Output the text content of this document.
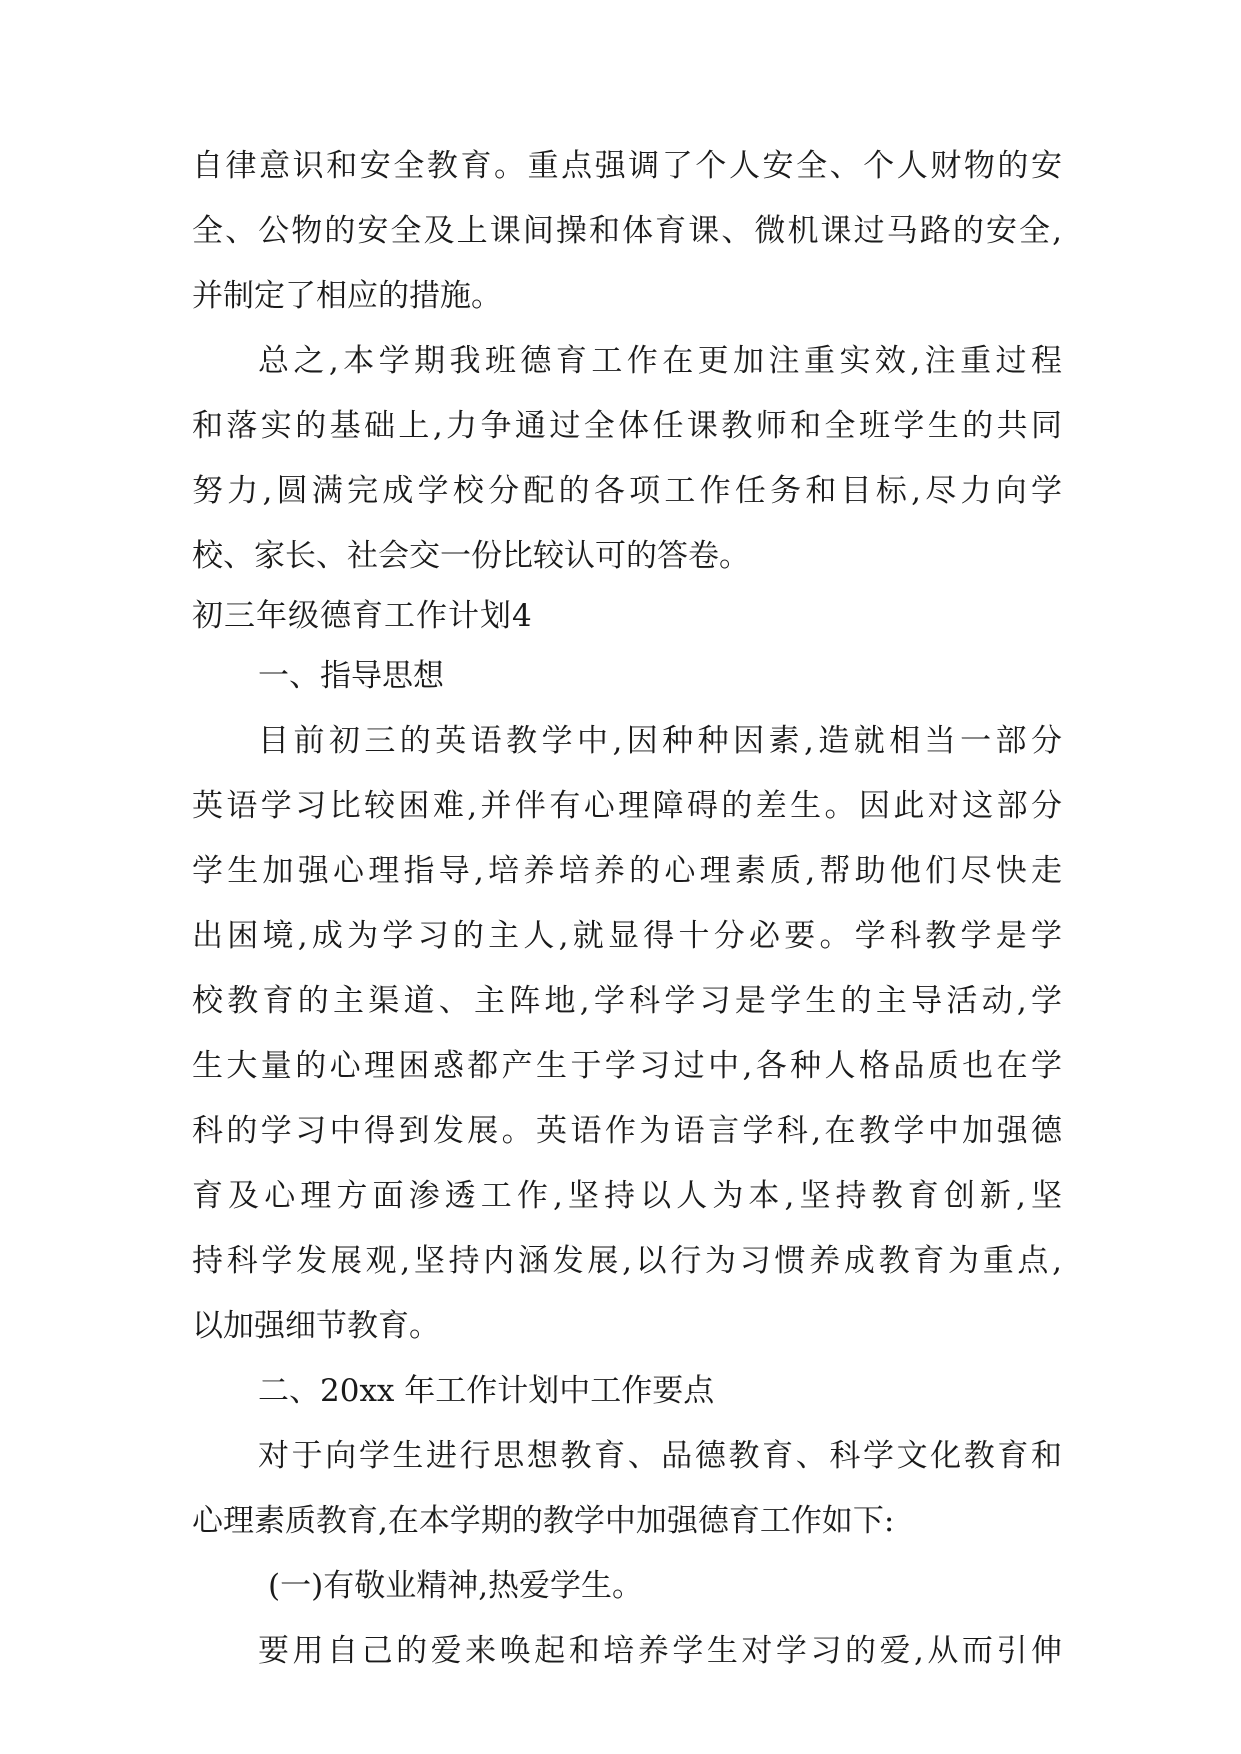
自律意识和安全教育。重点强调了个人安全、个人财物的安
全、公物的安全及上课间操和体育课、微机课过马路的安全,
并制定了相应的措施。
总之,本学期我班德育工作在更加注重实效,注重过程
和落实的基础上,力争通过全体任课教师和全班学生的共同
努力,圆满完成学校分配的各项工作任务和目标,尽力向学
校、家长、社会交一份比较认可的答卷。
初三年级德育工作计划4
一、指导思想
目前初三的英语教学中,因种种因素,造就相当一部分
英语学习比较困难,并伴有心理障碍的差生。因此对这部分
学生加强心理指导,培养培养的心理素质,帮助他们尽快走
出困境,成为学习的主人,就显得十分必要。学科教学是学
校教育的主渠道、主阵地,学科学习是学生的主导活动,学
生大量的心理困惑都产生于学习过中,各种人格品质也在学
科的学习中得到发展。英语作为语言学科,在教学中加强德
育及心理方面渗透工作,坚持以人为本,坚持教育创新,坚
持科学发展观,坚持内涵发展,以行为习惯养成教育为重点,
以加强细节教育。
二、20xx 年工作计划中工作要点
对于向学生进行思想教育、品德教育、科学文化教育和
心理素质教育,在本学期的教学中加强德育工作如下:
(一)有敬业精神,热爱学生。
要用自己的爱来唤起和培养学生对学习的爱,从而引伸
